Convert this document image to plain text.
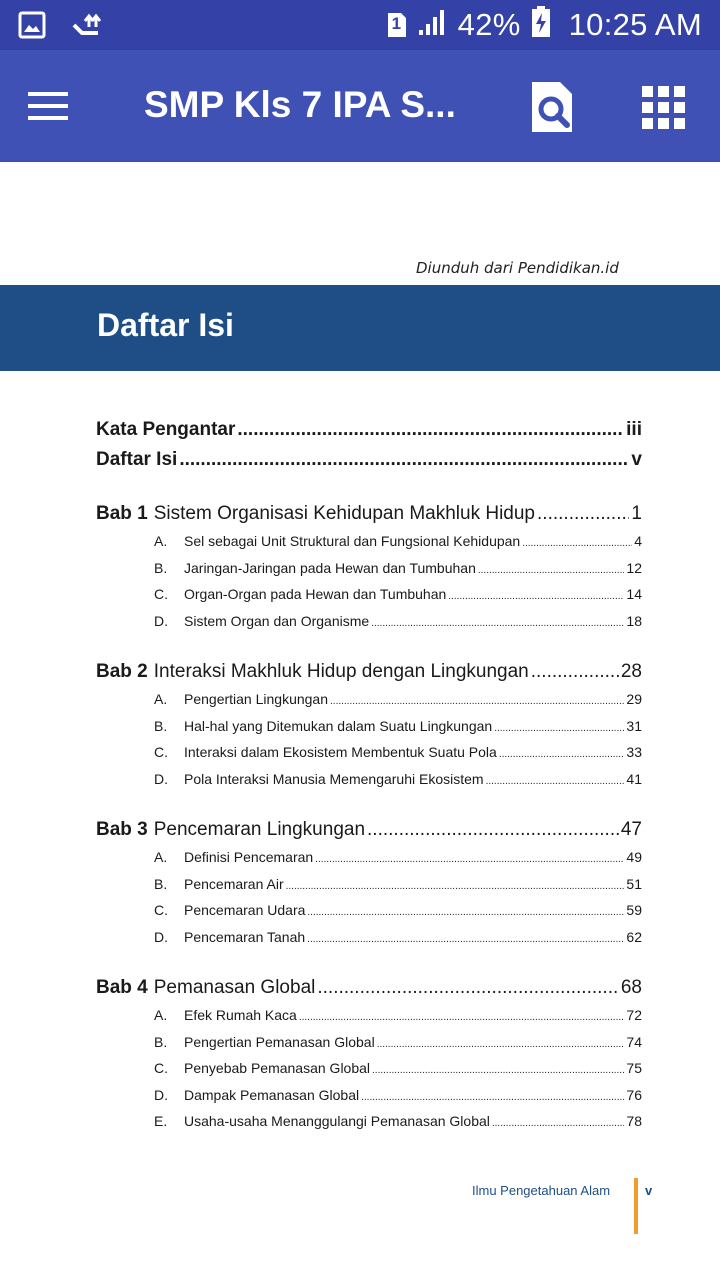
1 42% 10:25 AM
SMP Kls 7 IPA S...
Diunduh dari Pendidikan.id
Daftar Isi
Kata Pengantar .....	iii
Daftar Isi .....	v
Bab 1 Sistem Organisasi Kehidupan Makhluk Hidup .....	1
A.	Sel sebagai Unit Struktural dan Fungsional Kehidupan .....	4
B.	Jaringan-Jaringan pada Hewan dan Tumbuhan .....	12
C.	Organ-Organ pada Hewan dan Tumbuhan .....	14
D.	Sistem Organ dan Organisme .....	18
Bab 2 Interaksi Makhluk Hidup dengan Lingkungan .....	28
A.	Pengertian Lingkungan .....	29
B.	Hal-hal yang Ditemukan dalam Suatu Lingkungan .....	31
C.	Interaksi dalam Ekosistem Membentuk Suatu Pola .....	33
D.	Pola Interaksi Manusia Memengaruhi Ekosistem .....	41
Bab 3 Pencemaran Lingkungan .....	47
A.	Definisi Pencemaran .....	49
B.	Pencemaran Air .....	51
C.	Pencemaran Udara .....	59
D.	Pencemaran Tanah .....	62
Bab 4 Pemanasan Global .....	68
A.	Efek Rumah Kaca .....	72
B.	Pengertian Pemanasan Global .....	74
C.	Penyebab Pemanasan Global .....	75
D.	Dampak Pemanasan Global .....	76
E.	Usaha-usaha Menanggulangi Pemanasan Global .....	78
Ilmu Pengetahuan Alam	v
